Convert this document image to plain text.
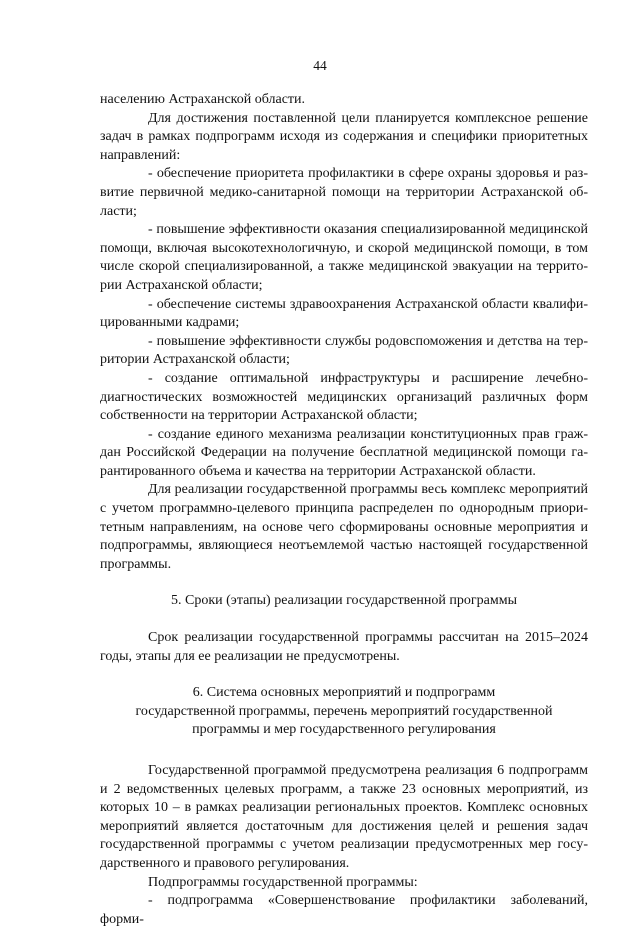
44

населению Астраханской области.

Для достижения поставленной цели планируется комплексное решение задач в рамках подпрограмм исходя из содержания и специфики приоритетных направлений:

- обеспечение приоритета профилактики в сфере охраны здоровья и развитие первичной медико-санитарной помощи на территории Астраханской области;

- повышение эффективности оказания специализированной медицинской помощи, включая высокотехнологичную, и скорой медицинской помощи, в том числе скорой специализированной, а также медицинской эвакуации на территории Астраханской области;

- обеспечение системы здравоохранения Астраханской области квалифицированными кадрами;

- повышение эффективности службы родовспоможения и детства на территории Астраханской области;

- создание оптимальной инфраструктуры и расширение лечебно-диагностических возможностей медицинских организаций различных форм собственности на территории Астраханской области;

- создание единого механизма реализации конституционных прав граждан Российской Федерации на получение бесплатной медицинской помощи гарантированного объема и качества на территории Астраханской области.

Для реализации государственной программы весь комплекс мероприятий с учетом программно-целевого принципа распределен по однородным приоритетным направлениям, на основе чего сформированы основные мероприятия и подпрограммы, являющиеся неотъемлемой частью настоящей государственной программы.

5. Сроки (этапы) реализации государственной программы

Срок реализации государственной программы рассчитан на 2015–2024 годы, этапы для ее реализации не предусмотрены.

6. Система основных мероприятий и подпрограмм
государственной программы, перечень мероприятий государственной
программы и мер государственного регулирования

Государственной программой предусмотрена реализация 6 подпрограмм и 2 ведомственных целевых программ, а также 23 основных мероприятий, из которых 10 – в рамках реализации региональных проектов. Комплекс основных мероприятий является достаточным для достижения целей и решения задач государственной программы с учетом реализации предусмотренных мер государственного и правового регулирования.

Подпрограммы государственной программы:

- подпрограмма «Совершенствование профилактики заболеваний, форми-
